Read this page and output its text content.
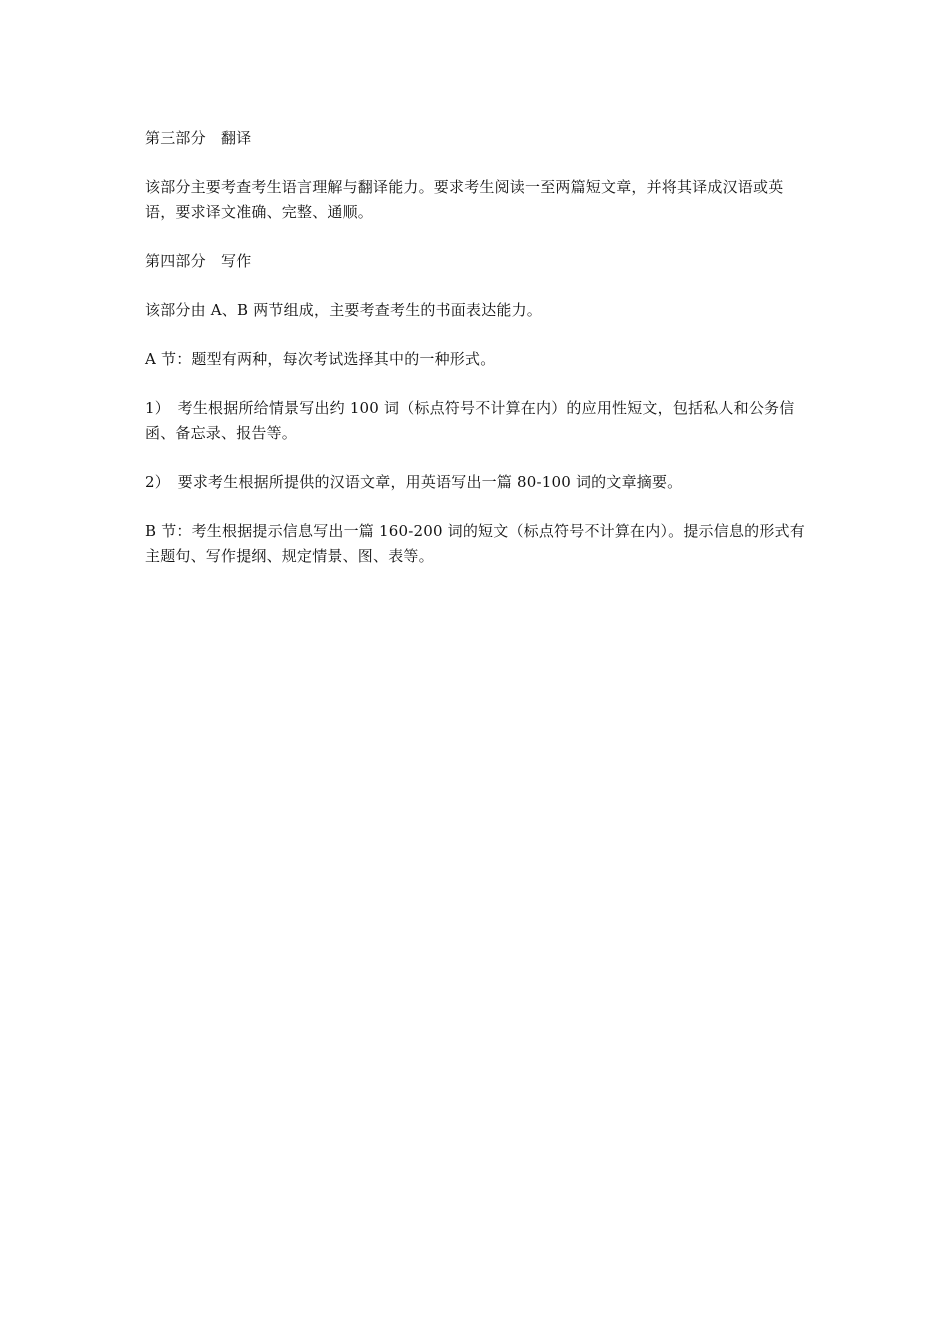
第三部分　翻译

该部分主要考查考生语言理解与翻译能力。要求考生阅读一至两篇短文章，并将其译成汉语或英语，要求译文准确、完整、通顺。

第四部分　写作

该部分由 A、B 两节组成，主要考查考生的书面表达能力。

A 节：题型有两种，每次考试选择其中的一种形式。

1）　考生根据所给情景写出约 100 词（标点符号不计算在内）的应用性短文，包括私人和公务信函、备忘录、报告等。

2）　要求考生根据所提供的汉语文章，用英语写出一篇 80-100 词的文章摘要。

B 节：考生根据提示信息写出一篇 160-200 词的短文（标点符号不计算在内）。提示信息的形式有主题句、写作提纲、规定情景、图、表等。
